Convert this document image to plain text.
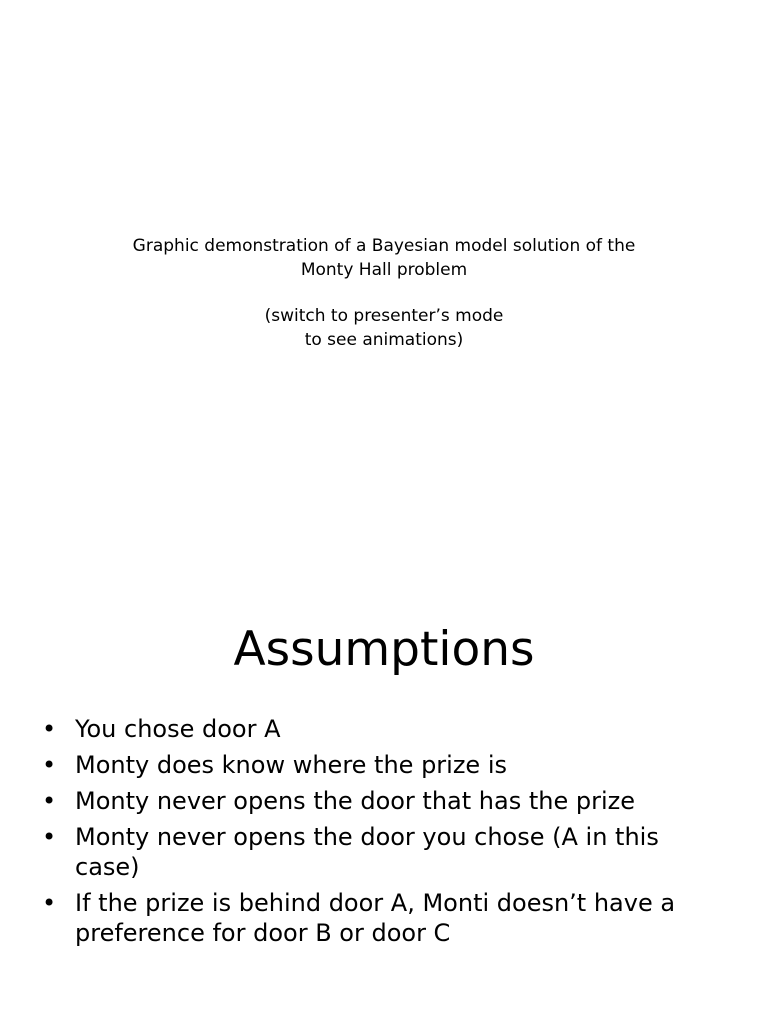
Graphic demonstration of a Bayesian model solution of the
Monty Hall problem
(switch to presenter’s mode
to see animations)
Assumptions
• You chose door A
• Monty does know where the prize is
• Monty never opens the door that has the prize
• Monty never opens the door you chose (A in this case)
• If the prize is behind door A, Monti doesn’t have a preference for door B or door C
